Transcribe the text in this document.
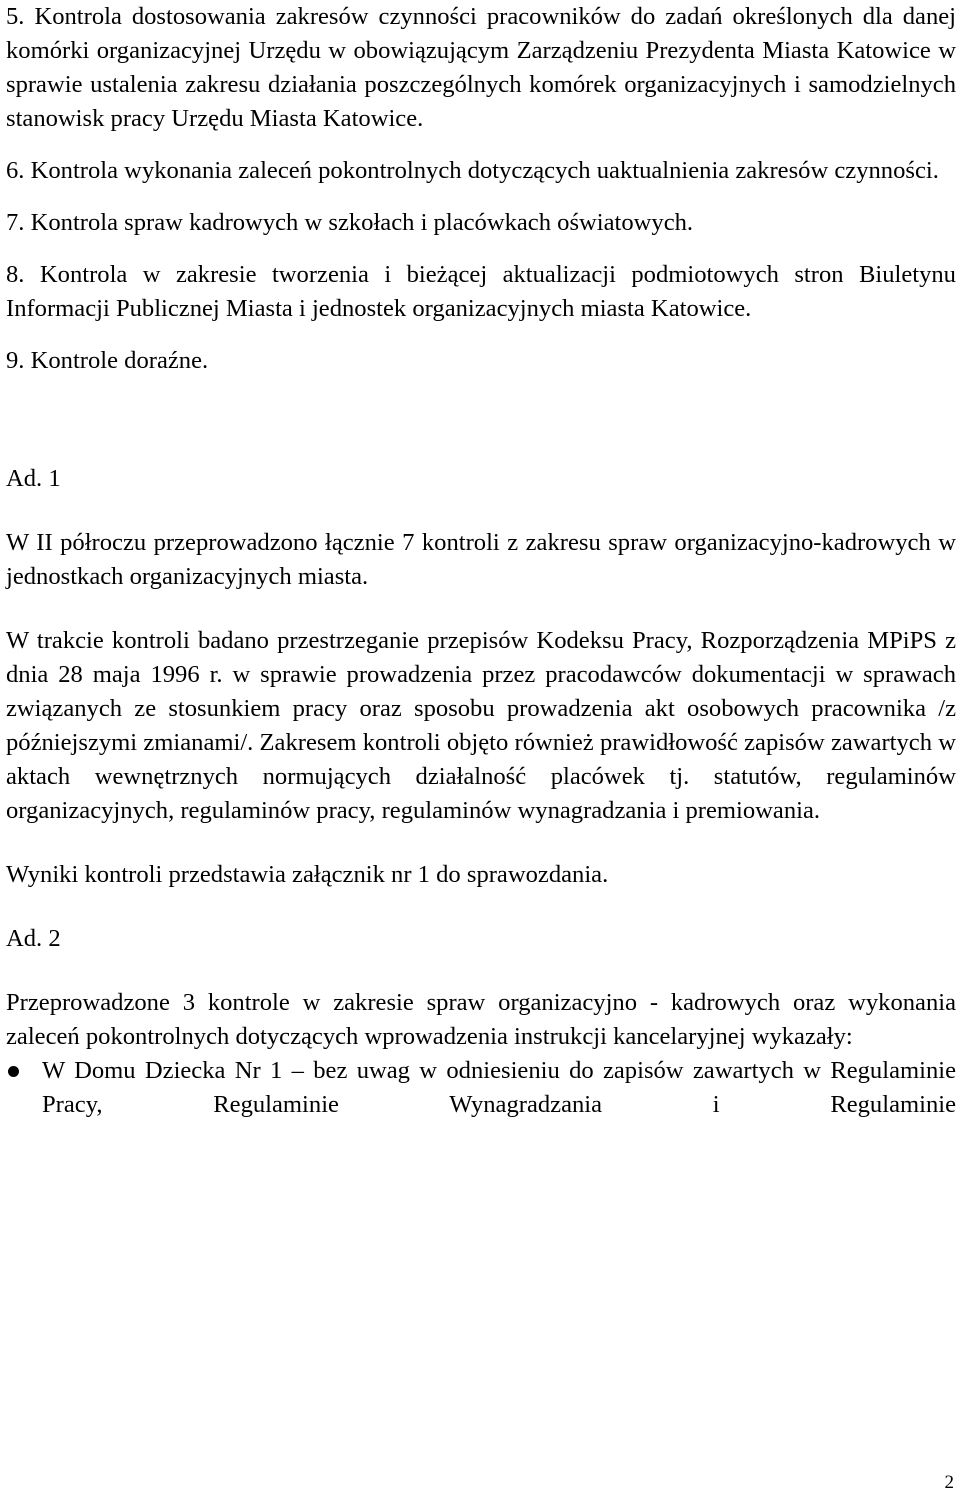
5. Kontrola dostosowania zakresów czynności pracowników do zadań określonych dla danej komórki organizacyjnej Urzędu w obowiązującym Zarządzeniu Prezydenta Miasta Katowice w sprawie ustalenia zakresu działania poszczególnych komórek organizacyjnych i samodzielnych stanowisk pracy Urzędu Miasta Katowice.

6. Kontrola wykonania zaleceń pokontrolnych dotyczących uaktualnienia zakresów czynności.

7. Kontrola spraw kadrowych w szkołach i placówkach oświatowych.

8. Kontrola w zakresie tworzenia i bieżącej aktualizacji podmiotowych stron Biuletynu Informacji Publicznej Miasta i jednostek organizacyjnych miasta Katowice.

9. Kontrole doraźne.

Ad. 1

W II półroczu przeprowadzono łącznie 7 kontroli z zakresu spraw organizacyjno-kadrowych w jednostkach organizacyjnych miasta.

W trakcie kontroli badano przestrzeganie przepisów Kodeksu Pracy, Rozporządzenia MPiPS z dnia 28 maja 1996 r. w sprawie prowadzenia przez pracodawców dokumentacji w sprawach związanych ze stosunkiem pracy oraz sposobu prowadzenia akt osobowych pracownika /z późniejszymi zmianami/. Zakresem kontroli objęto również prawidłowość zapisów zawartych w aktach wewnętrznych normujących działalność placówek tj. statutów, regulaminów organizacyjnych, regulaminów pracy, regulaminów wynagradzania i premiowania.

Wyniki kontroli przedstawia załącznik nr 1 do sprawozdania.

Ad. 2

Przeprowadzone 3 kontrole w zakresie spraw organizacyjno - kadrowych oraz wykonania zaleceń pokontrolnych dotyczących wprowadzenia instrukcji kancelaryjnej wykazały:

W Domu Dziecka Nr 1 – bez uwag w odniesieniu do zapisów zawartych w Regulaminie Pracy, Regulaminie Wynagradzania i Regulaminie
2
